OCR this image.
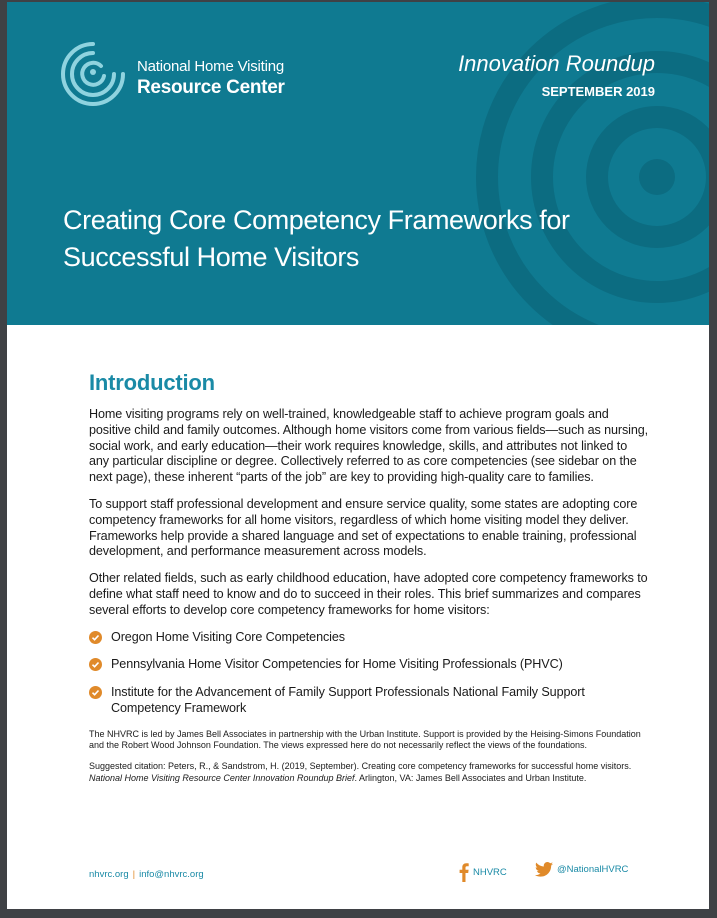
National Home Visiting
Resource Center
Innovation Roundup
SEPTEMBER 2019
Creating Core Competency Frameworks for
Successful Home Visitors
Introduction

Home visiting programs rely on well-trained, knowledgeable staff to achieve program goals and positive child and family outcomes. Although home visitors come from various fields—such as nursing, social work, and early education—their work requires knowledge, skills, and attributes not linked to any particular discipline or degree. Collectively referred to as core competencies (see sidebar on the next page), these inherent “parts of the job” are key to providing high-quality care to families.

To support staff professional development and ensure service quality, some states are adopting core competency frameworks for all home visitors, regardless of which home visiting model they deliver. Frameworks help provide a shared language and set of expectations to enable training, professional development, and performance measurement across models.

Other related fields, such as early childhood education, have adopted core competency frameworks to define what staff need to know and do to succeed in their roles. This brief summarizes and compares several efforts to develop core competency frameworks for home visitors:

Oregon Home Visiting Core Competencies
Pennsylvania Home Visitor Competencies for Home Visiting Professionals (PHVC)
Institute for the Advancement of Family Support Professionals National Family Support Competency Framework

The NHVRC is led by James Bell Associates in partnership with the Urban Institute. Support is provided by the Heising-Simons Foundation and the Robert Wood Johnson Foundation. The views expressed here do not necessarily reflect the views of the foundations.

Suggested citation: Peters, R., & Sandstrom, H. (2019, September). Creating core competency frameworks for successful home visitors. National Home Visiting Resource Center Innovation Roundup Brief. Arlington, VA: James Bell Associates and Urban Institute.

nhvrc.org | info@nhvrc.org	NHVRC	@NationalHVRC
